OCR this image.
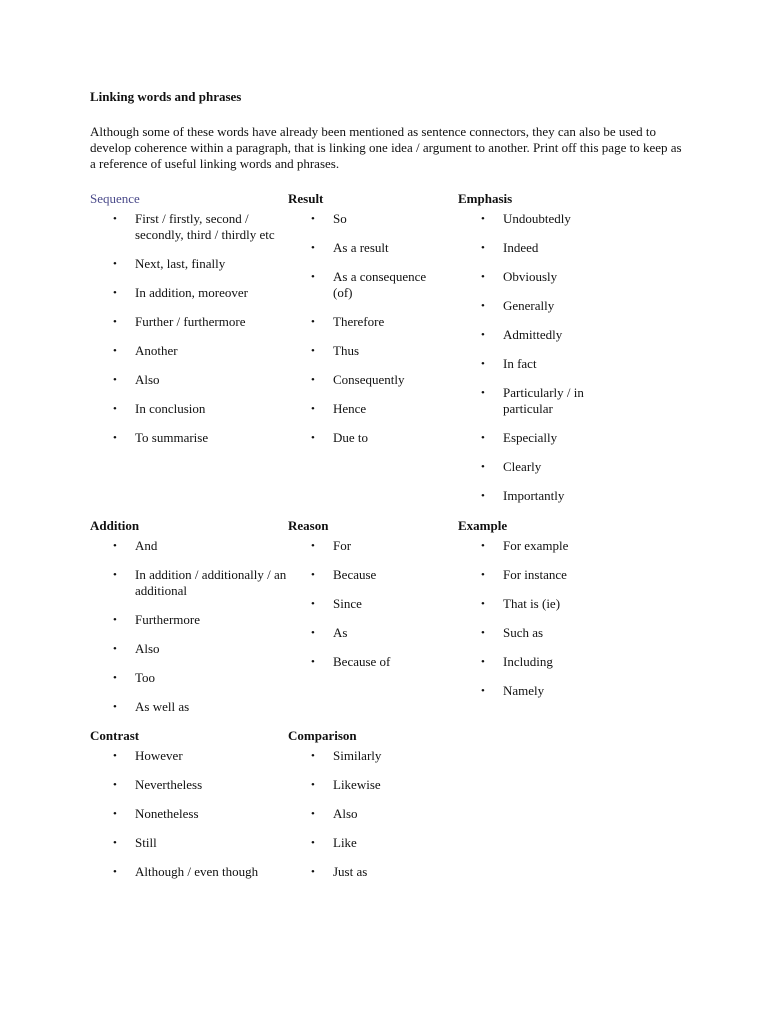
Linking words and phrases
Although some of these words have already been mentioned as sentence connectors, they can also be used to develop coherence within a paragraph, that is linking one idea / argument to another. Print off this page to keep as a reference of useful linking words and phrases.
Sequence
• First / firstly, second / secondly, third / thirdly etc
• Next, last, finally
• In addition, moreover
• Further / furthermore
• Another
• Also
• In conclusion
• To summarise
Result
• So
• As a result
• As a consequence (of)
• Therefore
• Thus
• Consequently
• Hence
• Due to
Emphasis
• Undoubtedly
• Indeed
• Obviously
• Generally
• Admittedly
• In fact
• Particularly / in particular
• Especially
• Clearly
• Importantly
Addition
• And
• In addition / additionally / an additional
• Furthermore
• Also
• Too
• As well as
Reason
• For
• Because
• Since
• As
• Because of
Example
• For example
• For instance
• That is (ie)
• Such as
• Including
• Namely
Contrast
• However
• Nevertheless
• Nonetheless
• Still
• Although / even though
Comparison
• Similarly
• Likewise
• Also
• Like
• Just as
